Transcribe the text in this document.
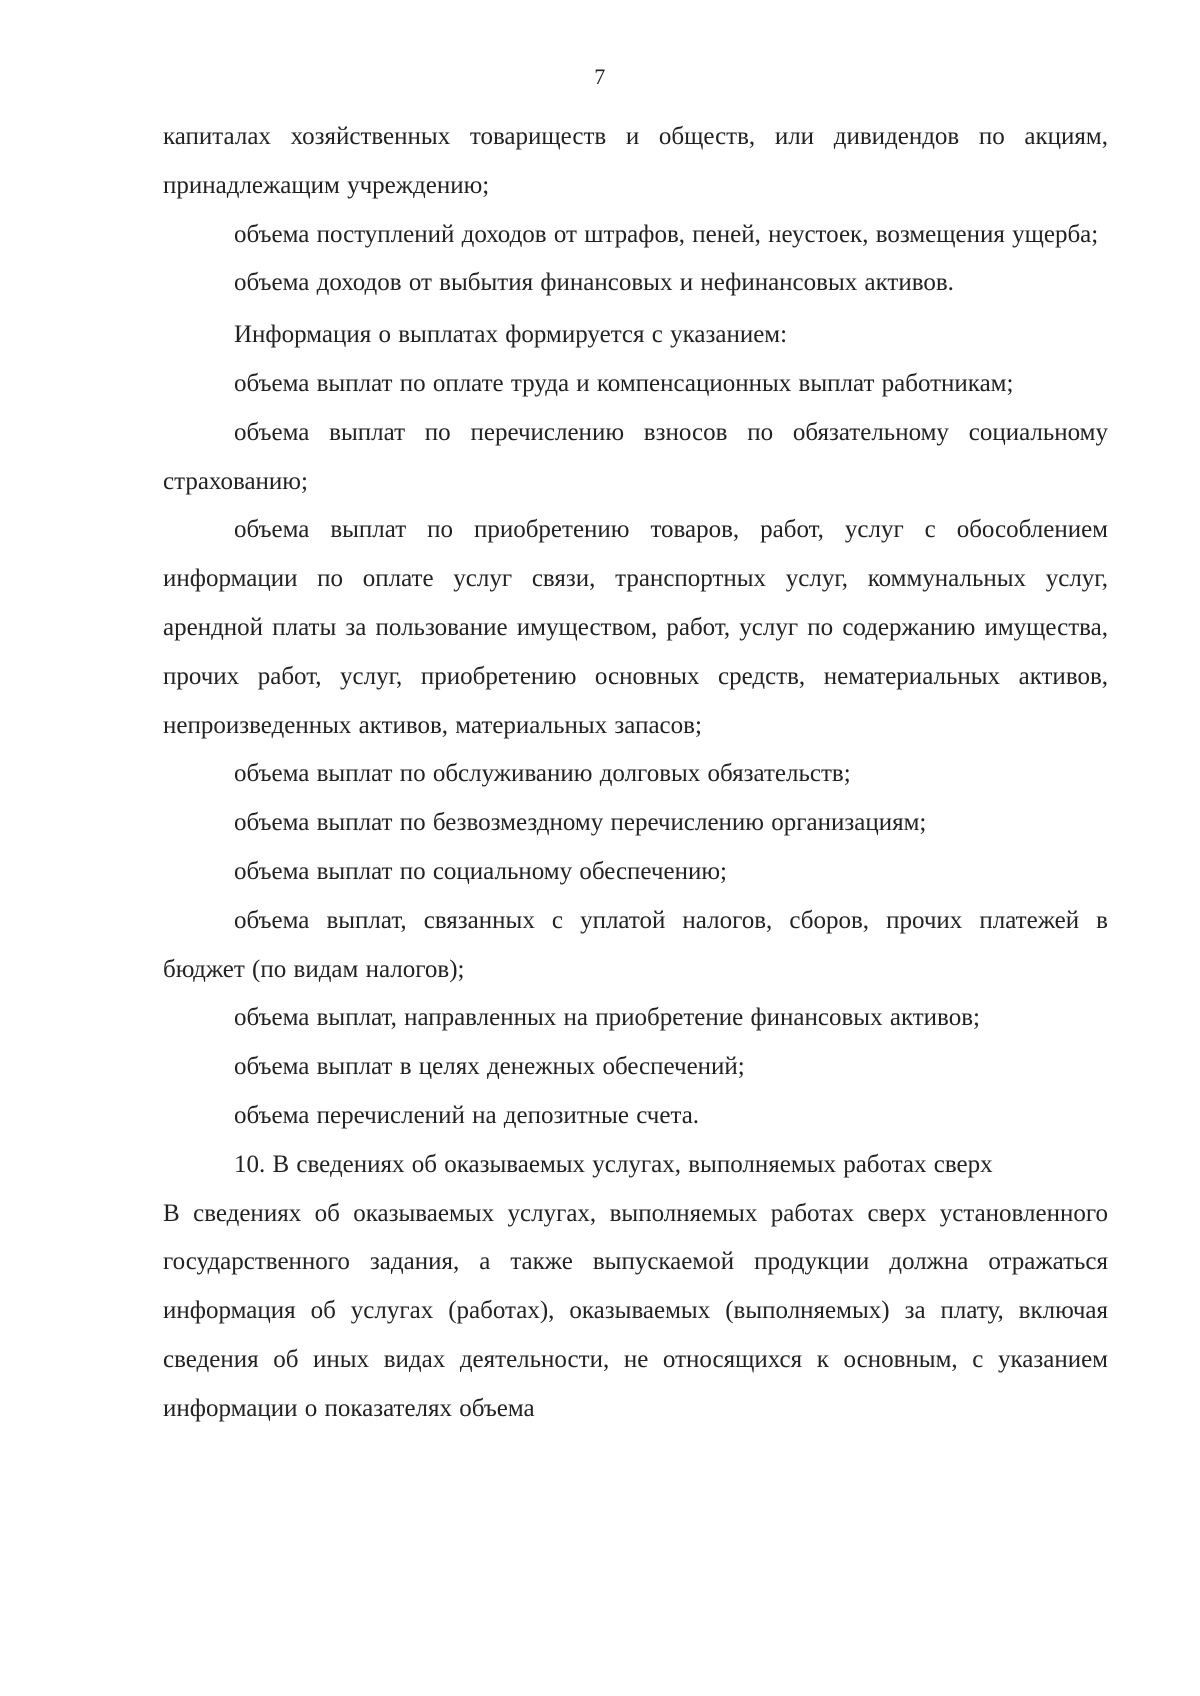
7

капиталах хозяйственных товариществ и обществ, или дивидендов по акциям, принадлежащим учреждению;

объема поступлений доходов от штрафов, пеней, неустоек, возмещения ущерба;

объема доходов от выбытия финансовых и нефинансовых активов.

Информация о выплатах формируется с указанием:

объема выплат по оплате труда и компенсационных выплат работникам;

объема выплат по перечислению взносов по обязательному социальному страхованию;

объема выплат по приобретению товаров, работ, услуг с обособлением информации по оплате услуг связи, транспортных услуг, коммунальных услуг, арендной платы за пользование имуществом, работ, услуг по содержанию имущества, прочих работ, услуг, приобретению основных средств, нематериальных активов, непроизведенных активов, материальных запасов;

объема выплат по обслуживанию долговых обязательств;

объема выплат по безвозмездному перечислению организациям;

объема выплат по социальному обеспечению;

объема выплат, связанных с уплатой налогов, сборов, прочих платежей в бюджет (по видам налогов);

объема выплат, направленных на приобретение финансовых активов;

объема выплат в целях денежных обеспечений;

объема перечислений на депозитные счета.

10. В сведениях об оказываемых услугах, выполняемых работах сверх

В сведениях об оказываемых услугах, выполняемых работах сверх установленного государственного задания, а также выпускаемой продукции должна отражаться информация об услугах (работах), оказываемых (выполняемых) за плату, включая сведения об иных видах деятельности, не относящихся к основным, с указанием информации о показателях объема
